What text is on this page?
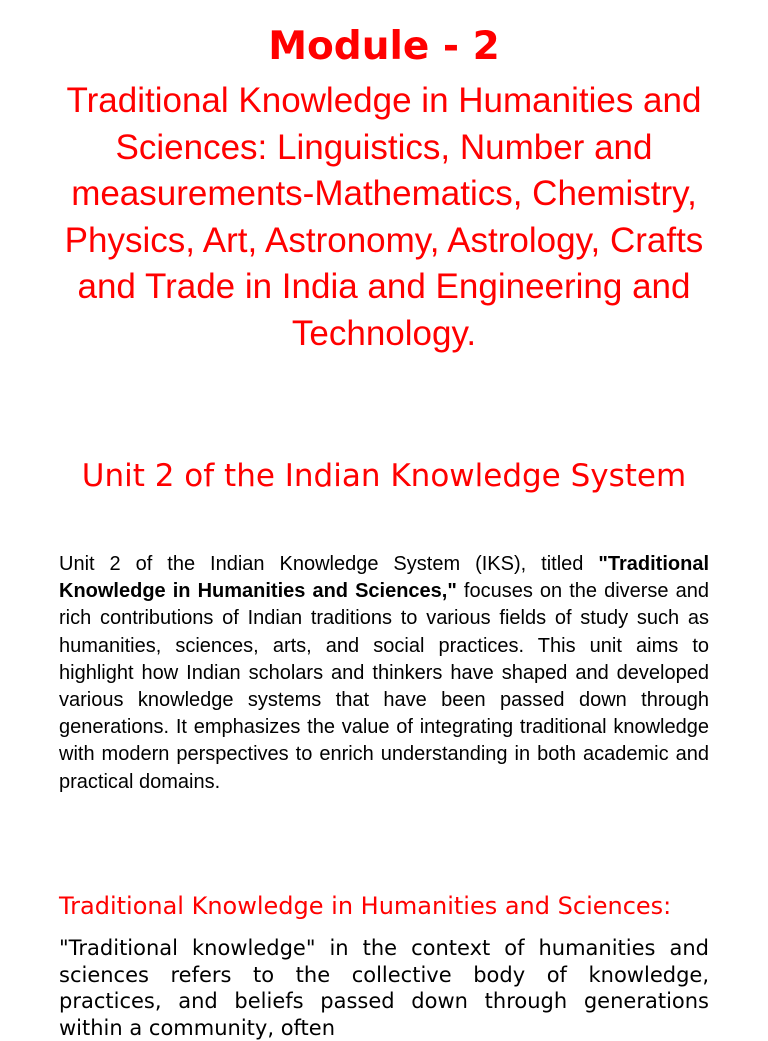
Module - 2
Traditional Knowledge in Humanities and Sciences: Linguistics, Number and measurements-Mathematics, Chemistry, Physics, Art, Astronomy, Astrology, Crafts and Trade in India and Engineering and Technology.
Unit 2 of the Indian Knowledge System
Unit 2 of the Indian Knowledge System (IKS), titled "Traditional Knowledge in Humanities and Sciences," focuses on the diverse and rich contributions of Indian traditions to various fields of study such as humanities, sciences, arts, and social practices. This unit aims to highlight how Indian scholars and thinkers have shaped and developed various knowledge systems that have been passed down through generations. It emphasizes the value of integrating traditional knowledge with modern perspectives to enrich understanding in both academic and practical domains.
Traditional Knowledge in Humanities and Sciences:
"Traditional knowledge" in the context of humanities and sciences refers to the collective body of knowledge, practices, and beliefs passed down through generations within a community, often
